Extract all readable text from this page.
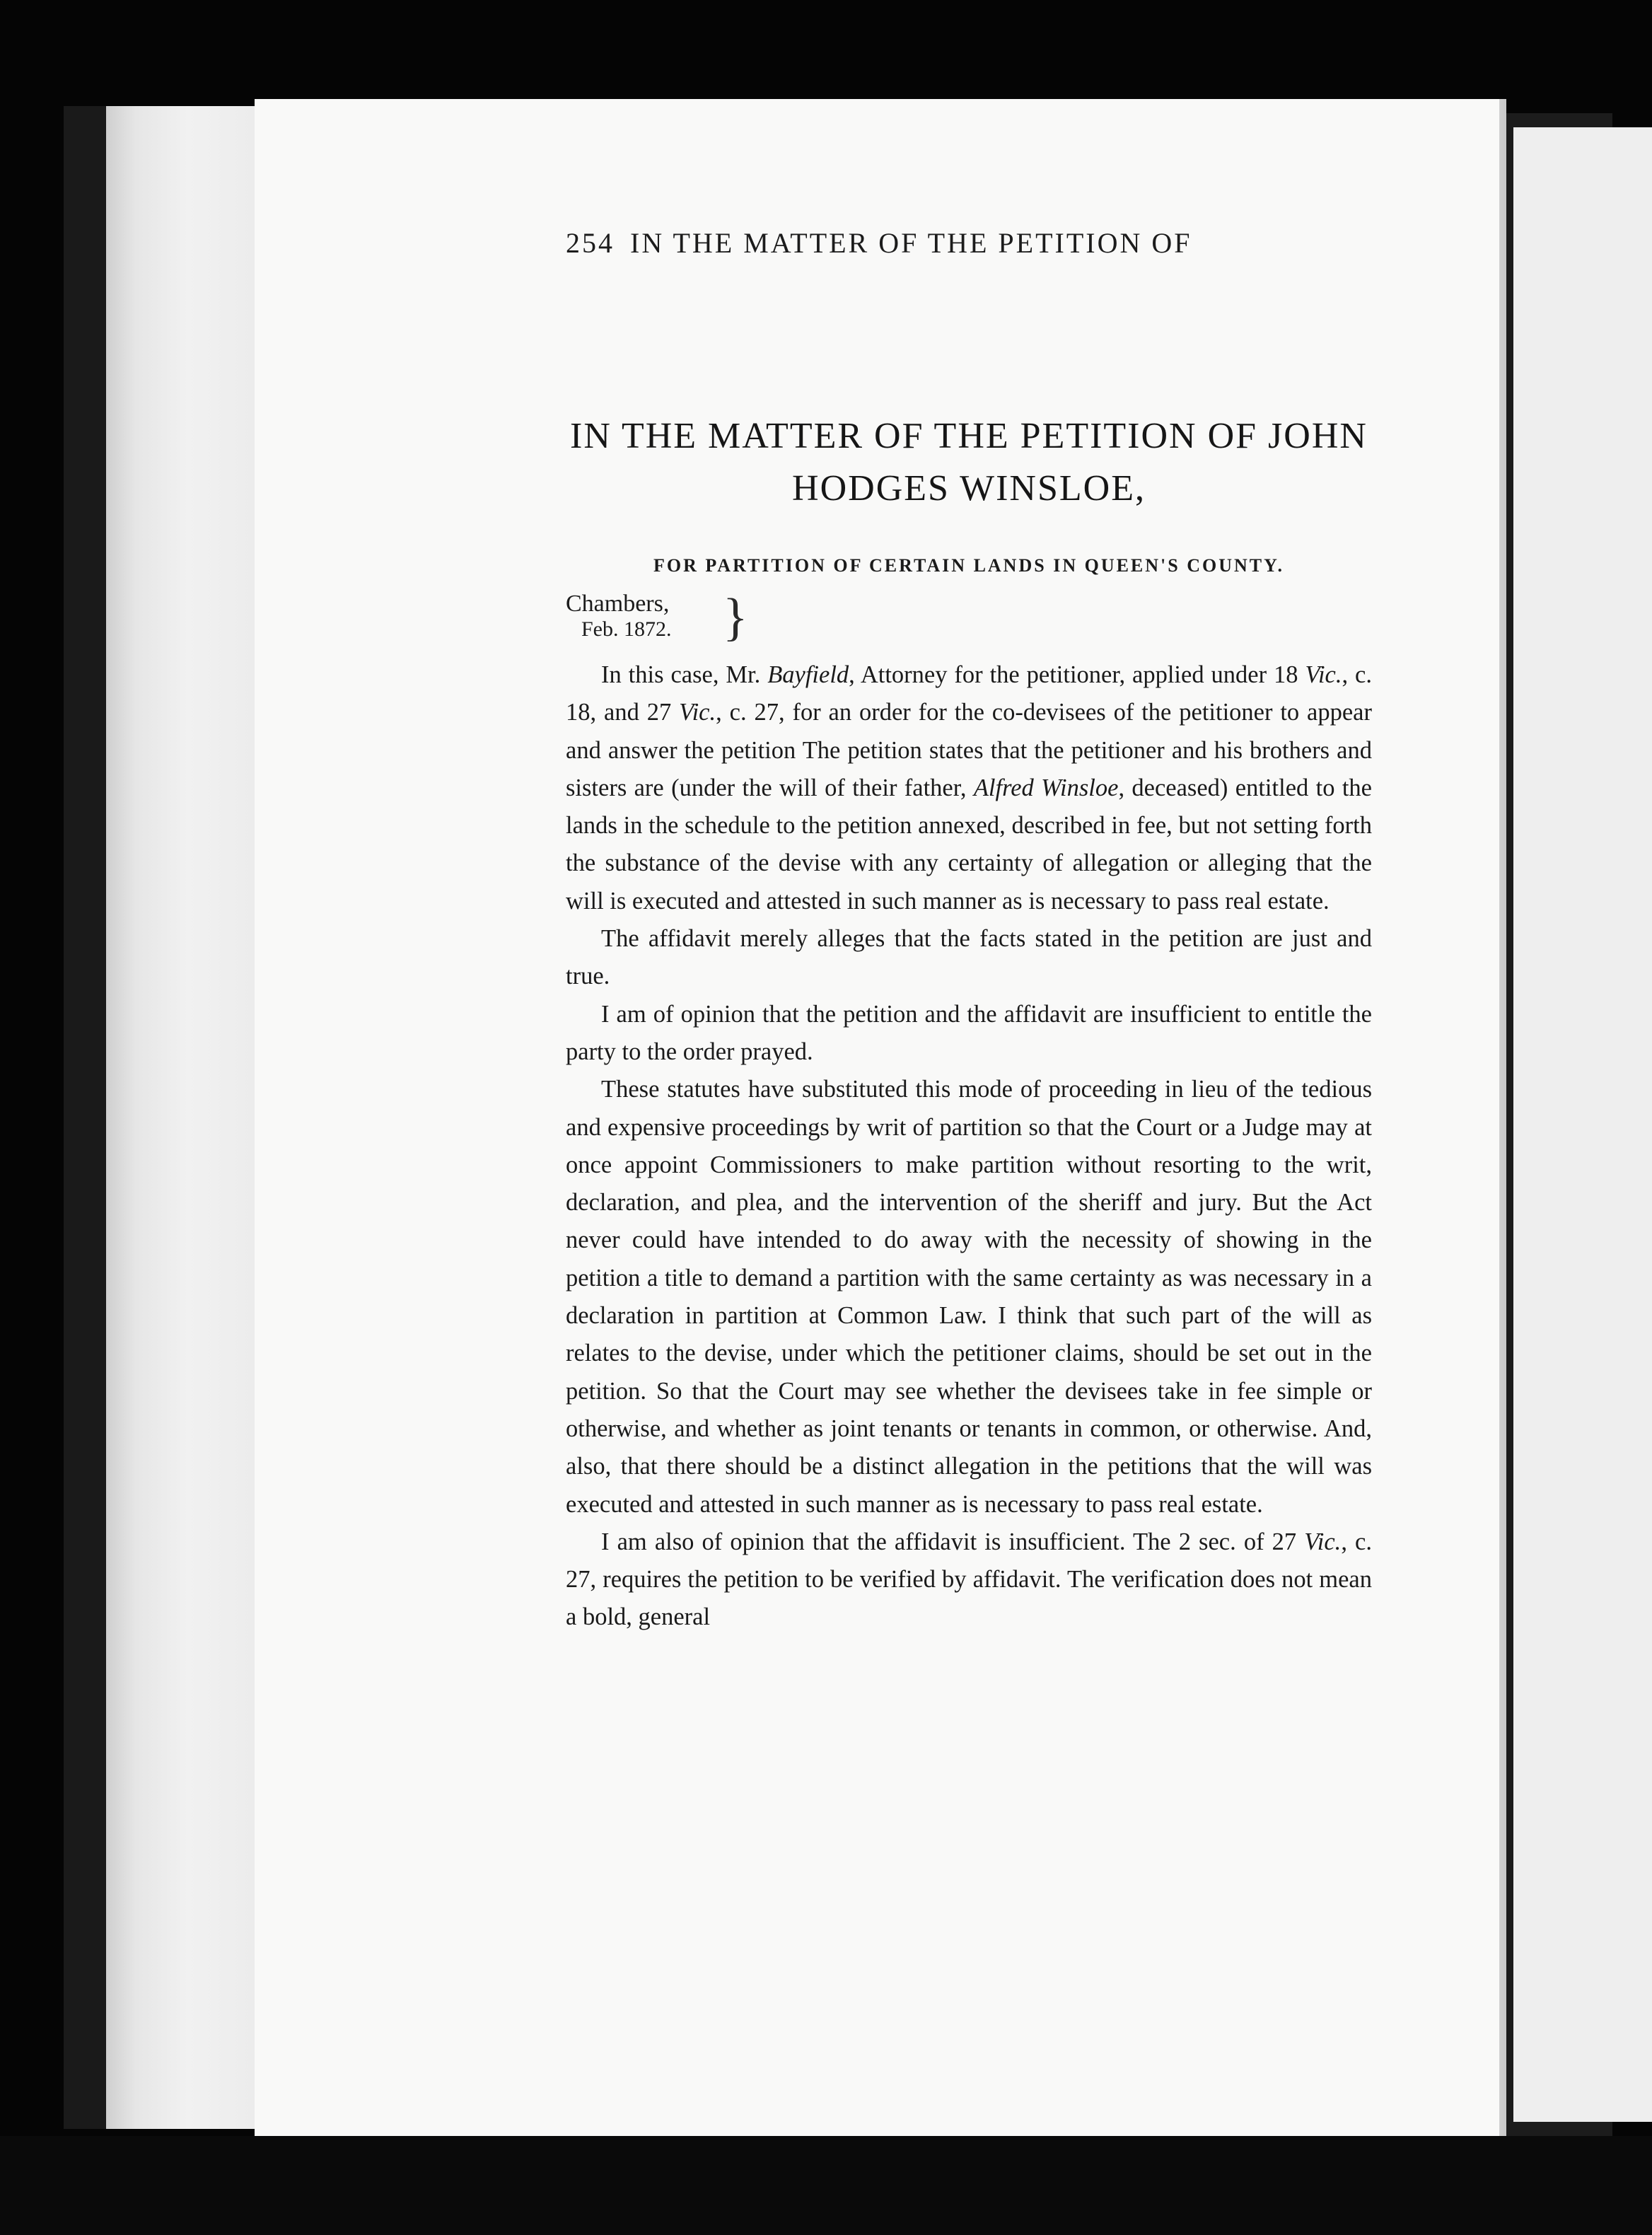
254 IN THE MATTER OF THE PETITION OF
IN THE MATTER OF THE PETITION OF JOHN
HODGES WINSLOE,
FOR PARTITION OF CERTAIN LANDS IN QUEEN'S COUNTY.
Chambers,
Feb. 1872. }

In this case, Mr. Bayfield, Attorney for the petitioner, applied under 18 Vic., c. 18, and 27 Vic., c. 27, for an order for the co-devisees of the petitioner to appear and answer the petition The petition states that the petitioner and his brothers and sisters are (under the will of their father, Alfred Winsloe, deceased) entitled to the lands in the schedule to the petition annexed, described in fee, but not setting forth the substance of the devise with any certainty of allegation or alleging that the will is executed and attested in such manner as is necessary to pass real estate.

The affidavit merely alleges that the facts stated in the petition are just and true.

I am of opinion that the petition and the affidavit are insufficient to entitle the party to the order prayed.

These statutes have substituted this mode of proceeding in lieu of the tedious and expensive proceedings by writ of partition so that the Court or a Judge may at once appoint Commissioners to make partition without resorting to the writ, declaration, and plea, and the intervention of the sheriff and jury. But the Act never could have intended to do away with the necessity of showing in the petition a title to demand a partition with the same certainty as was necessary in a declaration in partition at Common Law. I think that such part of the will as relates to the devise, under which the petitioner claims, should be set out in the petition. So that the Court may see whether the devisees take in fee simple or otherwise, and whether as joint tenants or tenants in common, or otherwise. And, also, that there should be a distinct allegation in the petitions that the will was executed and attested in such manner as is necessary to pass real estate.

I am also of opinion that the affidavit is insufficient. The 2 sec. of 27 Vic., c. 27, requires the petition to be verified by affidavit. The verification does not mean a bold, general
